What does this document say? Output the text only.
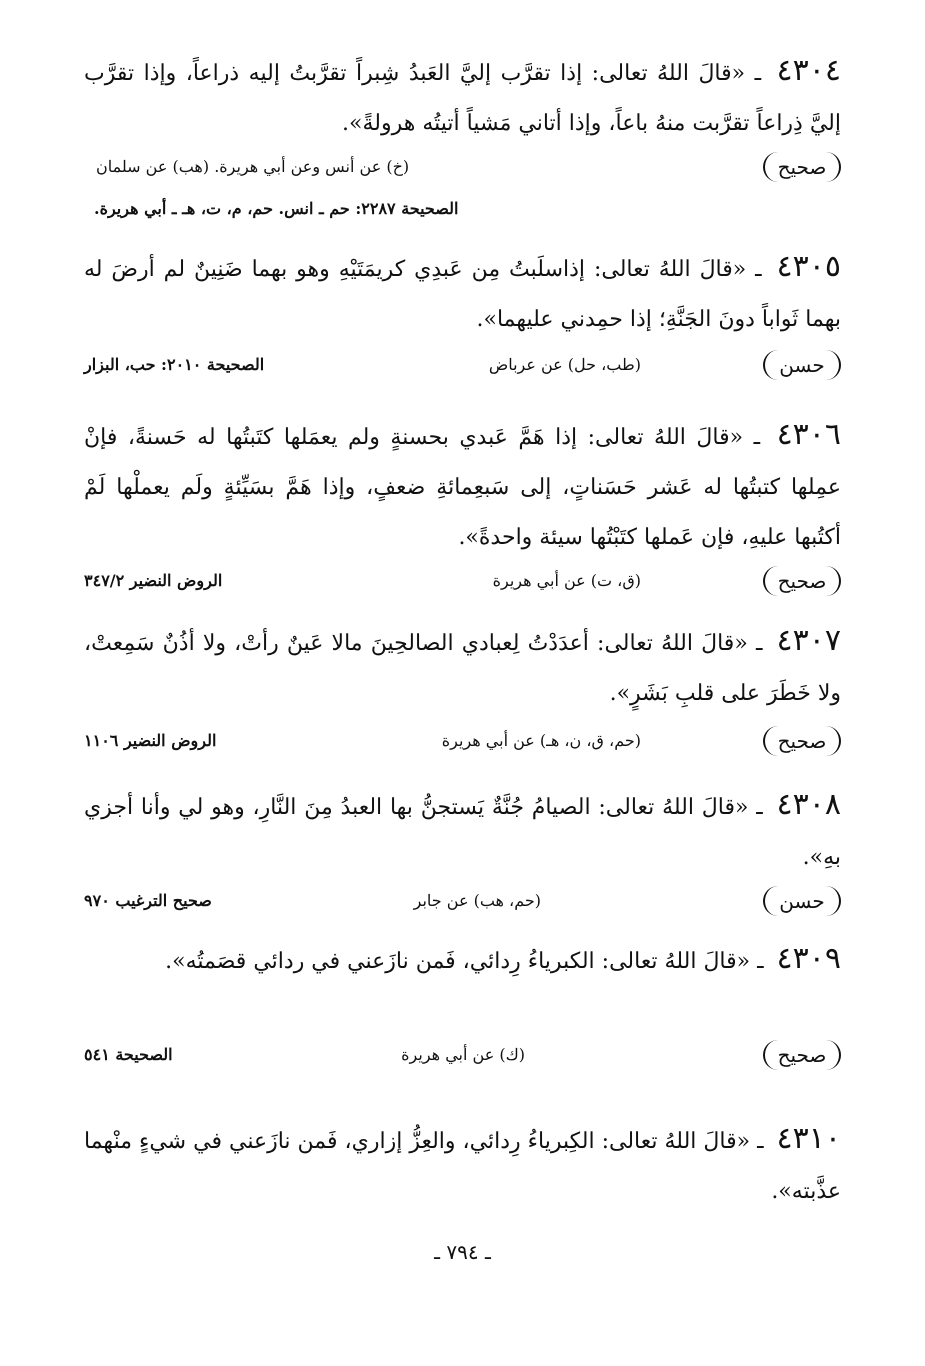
٤٣٠٤ ـ «قالَ اللهُ تعالى: إذا تقرَّب إليَّ العَبدُ شِبراً تقرَّبتُ إليه ذراعاً، وإذا تقرَّب إليَّ ذِراعاً تقرَّبت منهُ باعاً، وإذا أتاني مَشياً أتيتُه هرولةً».
صحيح
(خ) عن أنس وعن أبي هريرة. (هب) عن سلمان
الصحيحة ٢٢٨٧: حم ـ انس. حم، م، ت، هـ ـ أبي هريرة.
٤٣٠٥ ـ «قالَ اللهُ تعالى: إذاسلَبتُ مِن عَبدِي كريمَتَيْهِ وهو بهما ضَنِينٌ لم أرضَ له بهما ثَواباً دونَ الجَنَّةِ؛ إذا حمِدني عليهما».
حسن
(طب، حل) عن عرباض
الصحيحة ٢٠١٠: حب، البزار
٤٣٠٦ ـ «قالَ اللهُ تعالى: إذا هَمَّ عَبدي بحسنةٍ ولم يعمَلها كتَبتُها له حَسنةً، فإنْ عمِلها كتبتُها له عَشر حَسَناتٍ، إلى سَبعِمائةِ ضعفٍ، وإذا هَمَّ بسَيِّئةٍ ولَم يعملْها لَمْ أكتُبها عليهِ، فإن عَملها كتَبْتُها سيئة واحدةً».
صحيح
(ق، ت) عن أبي هريرة
الروض النضير ٣٤٧/٢
٤٣٠٧ ـ «قالَ اللهُ تعالى: أعدَدْتُ لِعبادي الصالحِينَ مالا عَينٌ رأتْ، ولا أذُنٌ سَمِعتْ، ولا خَطَرَ على قلبِ بَشَرٍ».
صحيح
(حم، ق، ن، هـ) عن أبي هريرة
الروض النضير ١١٠٦
٤٣٠٨ ـ «قالَ اللهُ تعالى: الصيامُ جُنَّةٌ يَستجنُّ بها العبدُ مِنَ النَّارِ، وهو لي وأنا أجزي بهِ».
حسن
(حم، هب) عن جابر
صحيح الترغيب ٩٧٠
٤٣٠٩ ـ «قالَ اللهُ تعالى: الكبرياءُ رِدائي، فَمن نازَعني في ردائي قصَمتُه».
صحيح
(ك) عن أبي هريرة
الصحيحة ٥٤١
٤٣١٠ ـ «قالَ اللهُ تعالى: الكِبرياءُ رِدائي، والعِزُّ إزاري، فَمن نازَعني في شيءٍ منْهما عذَّبته».
ـ ٧٩٤ ـ
